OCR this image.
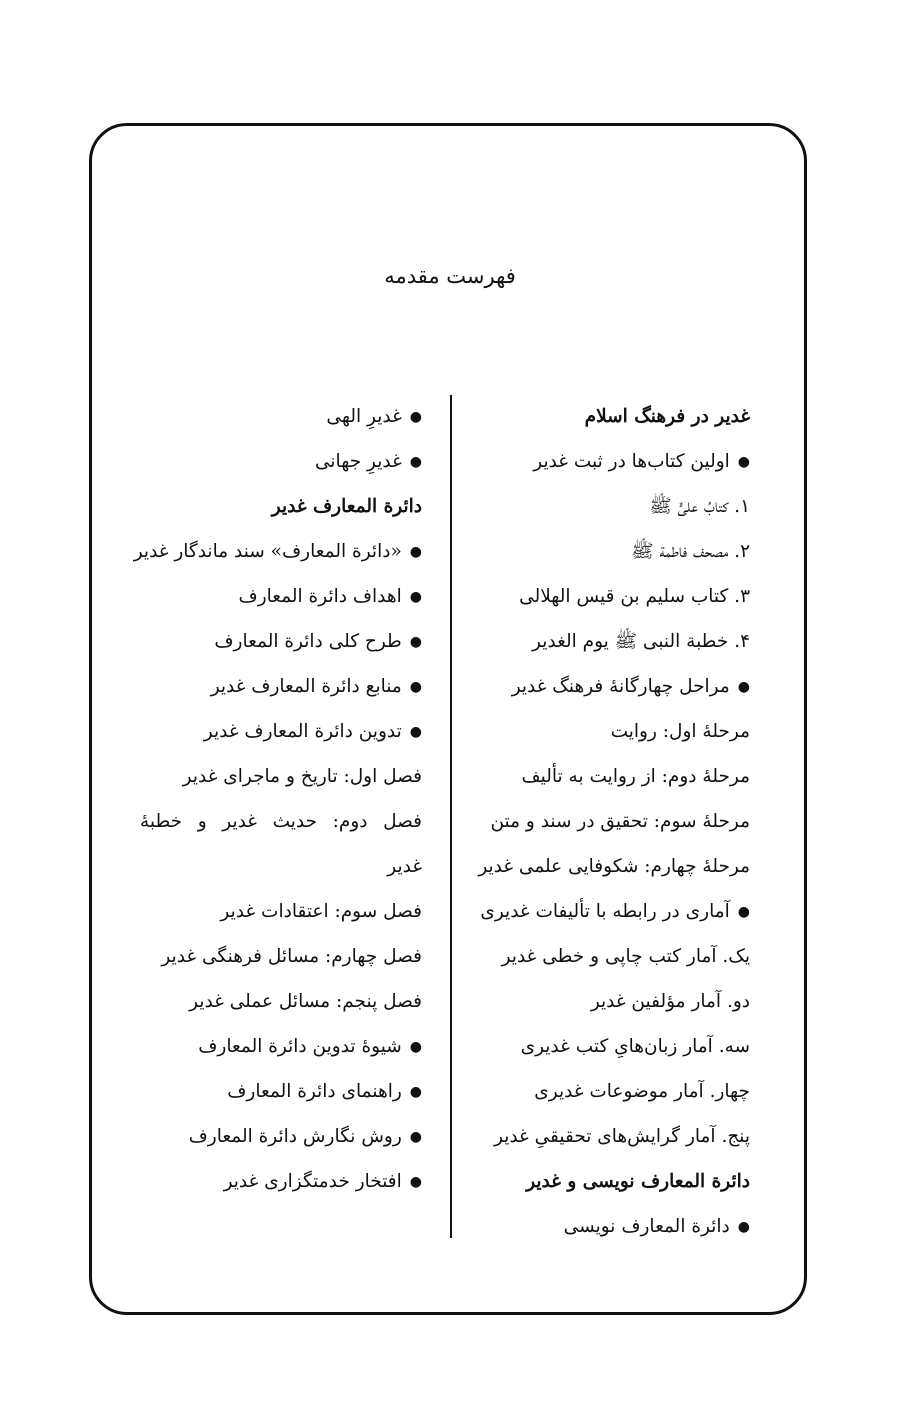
فهرست مقدمه
غدیر در فرهنگ اسلام
● اولین کتاب‌ها در ثبت غدیر
۱. کتابُ علیٍّ ﷺ
۲. مصحف فاطمة ﷺ
۳. کتاب سلیم بن قیس الهلالی
۴. خطبة النبی ﷺ یوم الغدیر
● مراحل چهارگانهٔ فرهنگ غدیر
مرحلهٔ اول: روایت
مرحلهٔ دوم: از روایت به تألیف
مرحلهٔ سوم: تحقیق در سند و متن
مرحلهٔ چهارم: شکوفایی علمی غدیر
● آماری در رابطه با تألیفات غدیری
یک. آمار کتب چاپی و خطی غدیر
دو. آمار مؤلفین غدیر
سه. آمار زبان‌هایِ کتب غدیری
چهار. آمار موضوعات غدیری
پنج. آمار گرایش‌های تحقیقیِ غدیر
دائرة المعارف نویسی و غدیر
● دائرة المعارف نویسی
● غدیرِ الهی
● غدیرِ جهانی
دائرة المعارف غدیر
● «دائرة المعارف» سند ماندگار غدیر
● اهداف دائرة المعارف
● طرح کلی دائرة المعارف
● منابع دائرة المعارف غدیر
● تدوین دائرة المعارف غدیر
فصل اول: تاریخ و ماجرای غدیر
فصل دوم: حدیث غدیر و خطبهٔ
غدیر
فصل سوم: اعتقادات غدیر
فصل چهارم: مسائل فرهنگی غدیر
فصل پنجم: مسائل عملی غدیر
● شیوهٔ تدوین دائرة المعارف
● راهنمای دائرة المعارف
● روش نگارش دائرة المعارف
● افتخار خدمتگزاری غدیر
